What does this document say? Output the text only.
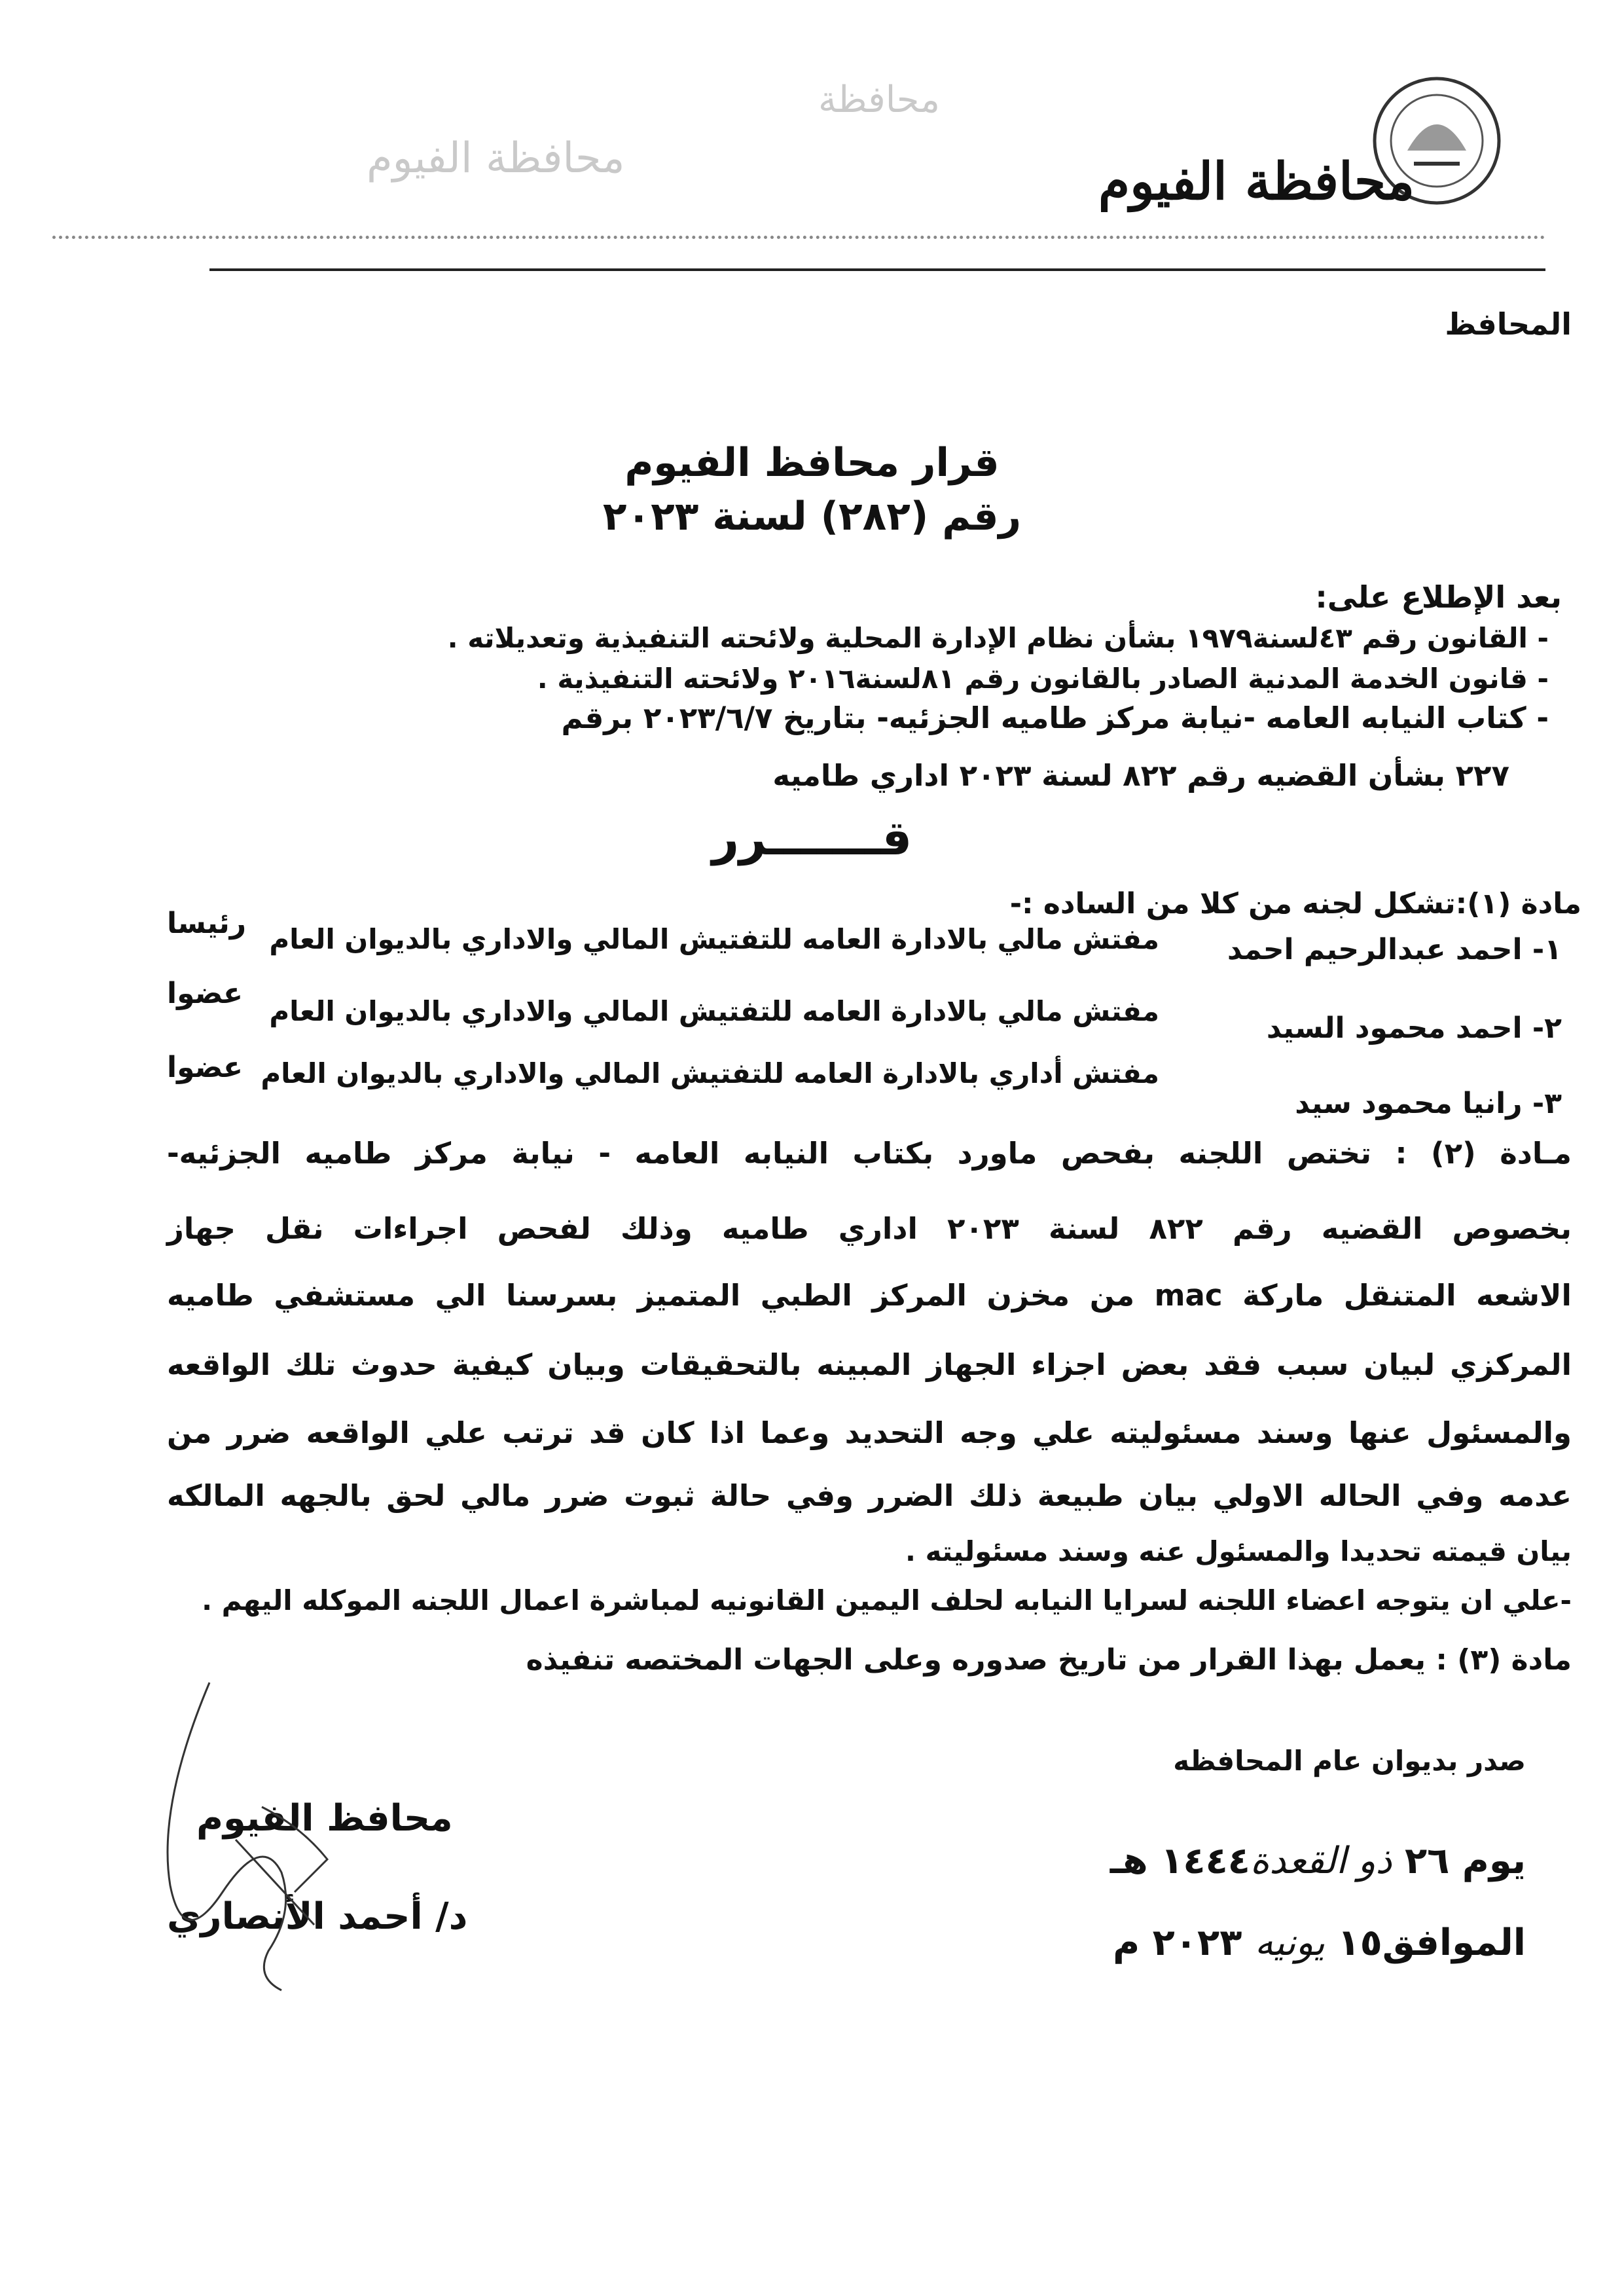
محافظة الفيوم
محافظة
محافظة الفيوم
المحافظ
قرار محافظ الفيوم
رقم (٢٨٢) لسنة ٢٠٢٣
بعد الإطلاع على:
- القانون رقم ٤٣لسنة١٩٧٩ بشأن نظام الإدارة المحلية ولائحته التنفيذية وتعديلاته .
- قانون الخدمة المدنية الصادر بالقانون رقم ٨١لسنة٢٠١٦ ولائحته التنفيذية .
- كتاب النيابه العامه -نيابة مركز طاميه الجزئيه- بتاريخ ٢٠٢٣/٦/٧ برقم
٢٢٧ بشأن القضيه رقم ٨٢٢ لسنة ٢٠٢٣ اداري طاميه
قـــــــرر
مادة (١):تشكل لجنه من كلا من الساده :-
١- احمد عبدالرحيم احمد
مفتش مالي بالادارة العامه للتفتيش المالي والاداري بالديوان العام
رئيسا
٢- احمد محمود السيد
مفتش مالي بالادارة العامه للتفتيش المالي والاداري بالديوان العام
عضوا
٣- رانيا محمود سيد
مفتش أداري بالادارة العامه للتفتيش المالي والاداري بالديوان العام
عضوا
مـادة (٢) : تختص اللجنه بفحص ماورد بكتاب النيابه العامه - نيابة مركز طاميه الجزئيه-
بخصوص القضيه رقم ٨٢٢ لسنة ٢٠٢٣ اداري طاميه وذلك لفحص اجراءات نقل جهاز
الاشعه المتنقل ماركة mac من مخزن المركز الطبي المتميز بسرسنا الي مستشفي طاميه
المركزي لبيان سبب فقد بعض اجزاء الجهاز المبينه بالتحقيقات وبيان كيفية حدوث تلك الواقعه
والمسئول عنها وسند مسئوليته علي وجه التحديد وعما اذا كان قد ترتب علي الواقعه ضرر من
عدمه وفي الحاله الاولي بيان طبيعة ذلك الضرر وفي حالة ثبوت ضرر مالي لحق بالجهه المالكه
بيان قيمته تحديدا والمسئول عنه وسند مسئوليته .
-علي ان يتوجه اعضاء اللجنه لسرايا النيابه لحلف اليمين القانونيه لمباشرة اعمال اللجنه الموكله اليهم .
مادة (٣) : يعمل بهذا القرار من تاريخ صدوره وعلى الجهات المختصه تنفيذه
صدر بديوان عام المحافظه
يوم ٢٦ ذو القعدة١٤٤٤ هـ
الموافق١٥ يونيه ٢٠٢٣ م
محافظ الفيوم
د/ أحمد الأنصاري
